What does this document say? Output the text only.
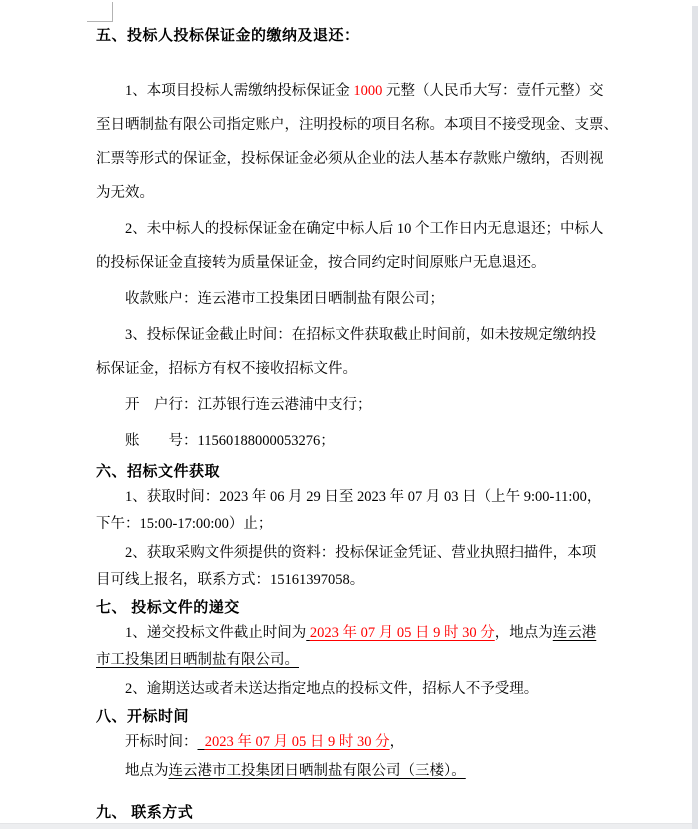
五、投标人投标保证金的缴纳及退还：
1、本项目投标人需缴纳投标保证金 1000 元整（人民币大写：壹仟元整）交
至日晒制盐有限公司指定账户，注明投标的项目名称。本项目不接受现金、支票、
汇票等形式的保证金，投标保证金必须从企业的法人基本存款账户缴纳，否则视
为无效。
2、未中标人的投标保证金在确定中标人后 10 个工作日内无息退还；中标人
的投标保证金直接转为质量保证金，按合同约定时间原账户无息退还。
收款账户：连云港市工投集团日晒制盐有限公司；
3、投标保证金截止时间：在招标文件获取截止时间前，如未按规定缴纳投
标保证金，招标方有权不接收招标文件。
开　户行：江苏银行连云港浦中支行；
账　　号：11560188000053276；
六、招标文件获取
1、获取时间：2023 年 06 月 29 日至 2023 年 07 月 03 日（上午 9:00-11:00，
下午：15:00-17:00:00）止；
2、获取采购文件须提供的资料：投标保证金凭证、营业执照扫描件，本项
目可线上报名，联系方式：15161397058。
七、 投标文件的递交
1、递交投标文件截止时间为 2023 年 07 月 05 日 9 时 30 分，地点为连云港
市工投集团日晒制盐有限公司。
2、逾期送达或者未送达指定地点的投标文件，招标人不予受理。
八、开标时间
开标时间： 2023 年 07 月 05 日 9 时 30 分，
地点为连云港市工投集团日晒制盐有限公司（三楼）。
九、 联系方式
